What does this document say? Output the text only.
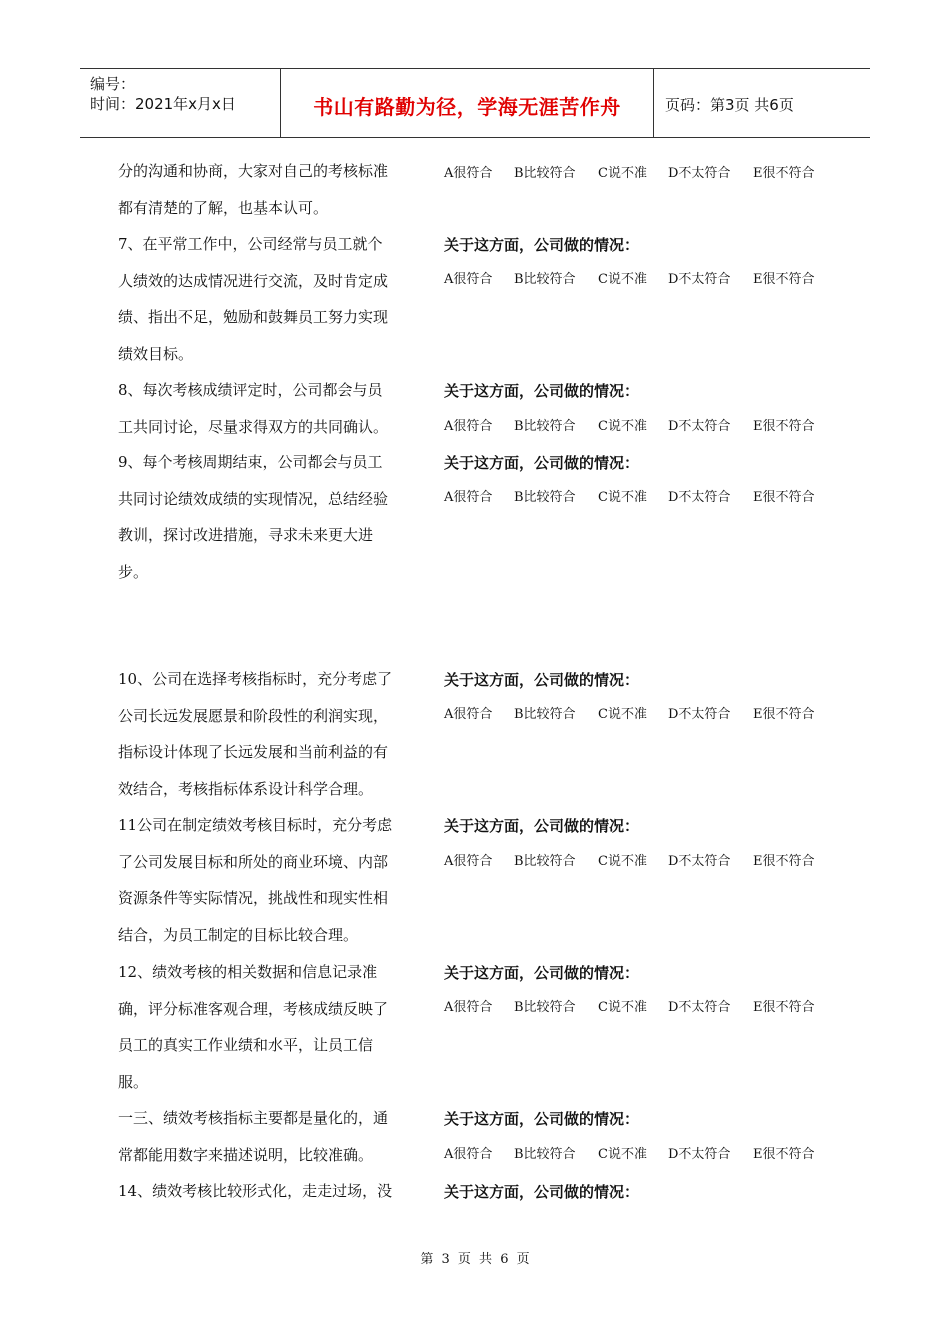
编号：
时间：2021年x月x日	书山有路勤为径，学海无涯苦作舟	页码：第3页 共6页
分的沟通和协商，大家对自己的考核标准
都有清楚的了解，也基本认可。
A很符合 B比较符合 C说不准 D不太符合 E很不符合
7、在平常工作中，公司经常与员工就个
人绩效的达成情况进行交流，及时肯定成
绩、指出不足，勉励和鼓舞员工努力实现
绩效目标。
关于这方面，公司做的情况：
A很符合 B比较符合 C说不准 D不太符合 E很不符合
8、每次考核成绩评定时，公司都会与员
工共同讨论，尽量求得双方的共同确认。
关于这方面，公司做的情况：
A很符合 B比较符合 C说不准 D不太符合 E很不符合
9、每个考核周期结束，公司都会与员工
共同讨论绩效成绩的实现情况，总结经验
教训，探讨改进措施，寻求未来更大进
步。
关于这方面，公司做的情况：
A很符合 B比较符合 C说不准 D不太符合 E很不符合
10、公司在选择考核指标时，充分考虑了
公司长远发展愿景和阶段性的利润实现，
指标设计体现了长远发展和当前利益的有
效结合，考核指标体系设计科学合理。
关于这方面，公司做的情况：
A很符合 B比较符合 C说不准 D不太符合 E很不符合
11公司在制定绩效考核目标时，充分考虑
了公司发展目标和所处的商业环境、内部
资源条件等实际情况，挑战性和现实性相
结合，为员工制定的目标比较合理。
关于这方面，公司做的情况：
A很符合 B比较符合 C说不准 D不太符合 E很不符合
12、绩效考核的相关数据和信息记录准
确，评分标准客观合理，考核成绩反映了
员工的真实工作业绩和水平，让员工信
服。
关于这方面，公司做的情况：
A很符合 B比较符合 C说不准 D不太符合 E很不符合
一三、绩效考核指标主要都是量化的，通
常都能用数字来描述说明，比较准确。
关于这方面，公司做的情况：
A很符合 B比较符合 C说不准 D不太符合 E很不符合
14、绩效考核比较形式化，走走过场，没	关于这方面，公司做的情况：
第 3 页 共 6 页
